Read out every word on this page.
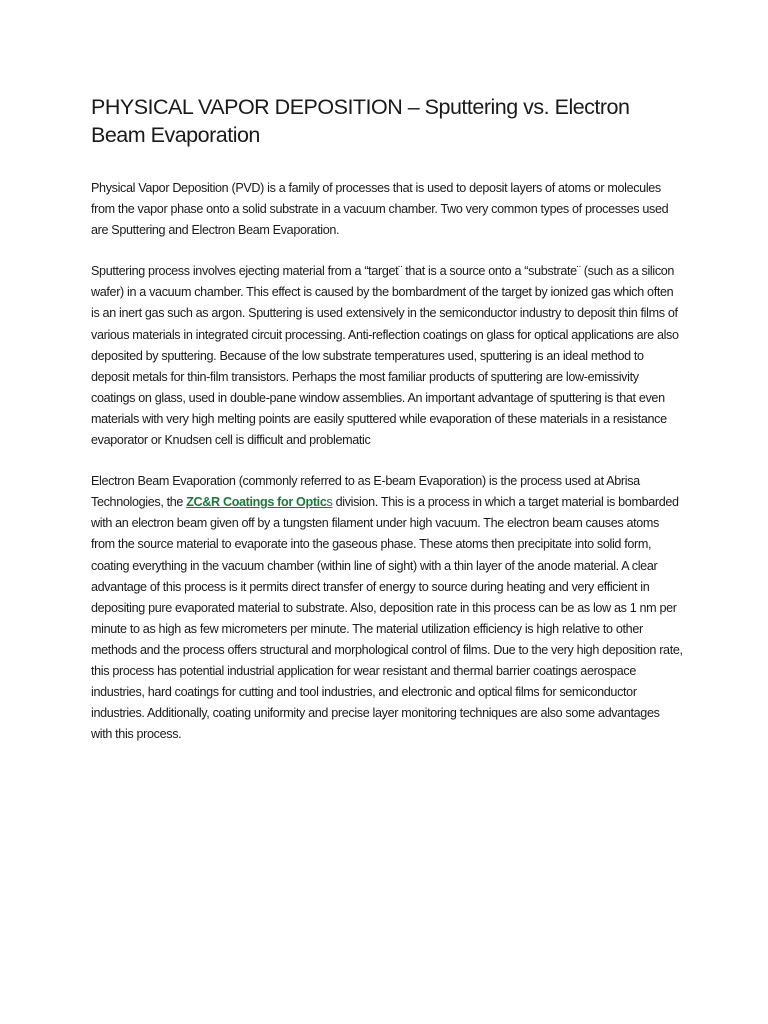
PHYSICAL VAPOR DEPOSITION – Sputtering vs. Electron Beam Evaporation

Physical Vapor Deposition (PVD) is a family of processes that is used to deposit layers of atoms or molecules from the vapor phase onto a solid substrate in a vacuum chamber. Two very common types of processes used are Sputtering and Electron Beam Evaporation.

Sputtering process involves ejecting material from a “target¨ that is a source onto a “substrate¨ (such as a silicon wafer) in a vacuum chamber. This effect is caused by the bombardment of the target by ionized gas which often is an inert gas such as argon. Sputtering is used extensively in the semiconductor industry to deposit thin films of various materials in integrated circuit processing. Anti-reflection coatings on glass for optical applications are also deposited by sputtering. Because of the low substrate temperatures used, sputtering is an ideal method to deposit metals for thin-film transistors. Perhaps the most familiar products of sputtering are low-emissivity coatings on glass, used in double-pane window assemblies. An important advantage of sputtering is that even materials with very high melting points are easily sputtered while evaporation of these materials in a resistance evaporator or Knudsen cell is difficult and problematic

Electron Beam Evaporation (commonly referred to as E-beam Evaporation) is the process used at Abrisa Technologies, the ZC&R Coatings for Optics division. This is a process in which a target material is bombarded with an electron beam given off by a tungsten filament under high vacuum. The electron beam causes atoms from the source material to evaporate into the gaseous phase. These atoms then precipitate into solid form, coating everything in the vacuum chamber (within line of sight) with a thin layer of the anode material. A clear advantage of this process is it permits direct transfer of energy to source during heating and very efficient in depositing pure evaporated material to substrate. Also, deposition rate in this process can be as low as 1 nm per minute to as high as few micrometers per minute. The material utilization efficiency is high relative to other methods and the process offers structural and morphological control of films. Due to the very high deposition rate, this process has potential industrial application for wear resistant and thermal barrier coatings aerospace industries, hard coatings for cutting and tool industries, and electronic and optical films for semiconductor industries. Additionally, coating uniformity and precise layer monitoring techniques are also some advantages with this process.
